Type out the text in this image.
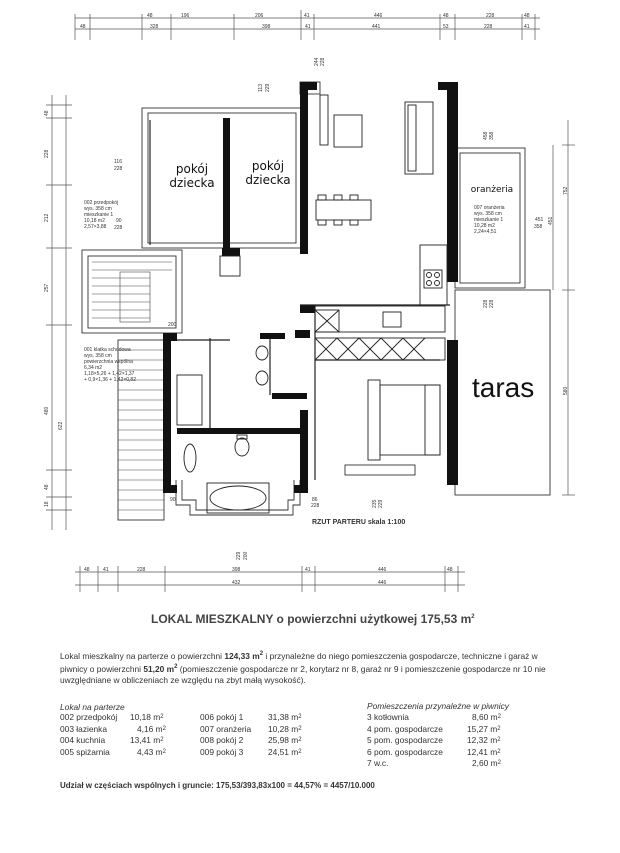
pokój dziecka
pokój dziecka
oranżeria
taras
002 przedpokój
wys. 358 cm
mieszkanie 1
10,18 m2
2,57×3,88
001 klatka schodowa
wys. 358 cm
powierzchnia wspólna
6,34 m2
1,18×5,26 + 1,42×1,37
+ 0,9×1,36 + 1,42×0,82
007 oranżeria
wys. 358 cm
mieszkanie 1
10,28 m2
2,24×4,51
48	196	206	41	446	48	228	48
48	328	398	41	441	53	228	41
48	41	228	398	41	446	48
432	446
48
228
212
257
480
622
48
18
752
451
580
113 229
116
228
90
228
244 228
458 358
451
358
228 228
235 229
86
228
200
90
229 200
RZUT PARTERU skala 1:100
LOKAL MIESZKALNY o powierzchni użytkowej 175,53 $m^2$
Lokal mieszkalny na parterze o powierzchni 124,33 $m^2$ i przynależne do niego pomieszczenia gospodarcze, techniczne i garaż w piwnicy o powierzchni 51,20 $m^2$ (pomieszczenie gospodarcze nr 2, korytarz nr 8, garaż nr 9 i pomieszczenie gospodarcze nr 10 nie uwzględniane w obliczeniach ze względu na zbyt małą wysokość).
Lokal na parterze	Pomieszczenia przynależne w piwnicy
002 przedpokój	10,18 m 2
003 łazienka	4,16 m 2
004 kuchnia	13,41 m 2
005 spiżarnia	4,43 m 2
006 pokój 1	31,38 m 2
007 oranżeria	10,28 m 2
008 pokój 2	25,98 m 2
009 pokój 3	24,51 m 2
3 kotłownia	8,60 m 2
4 pom. gospodarcze	15,27 m 2
5 pom. gospodarcze	12,32 m 2
6 pom. gospodarcze	12,41 m 2
7 w.c.	2,60 m 2
Udział w częściach wspólnych i gruncie: 175,53/393,83x100 = 44,57% = 4457/10.000
